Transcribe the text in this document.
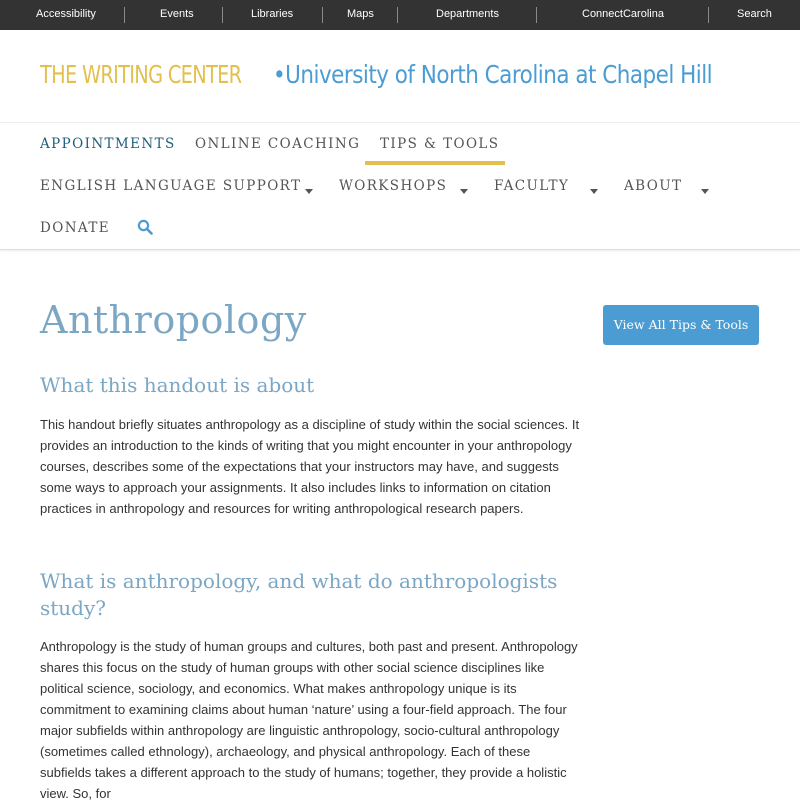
Accessibility	Events	Libraries	Maps	Departments	ConnectCarolina	Search
THE WRITING CENTER •University of North Carolina at Chapel Hill
APPOINTMENTS ONLINE COACHING TIPS & TOOLS
ENGLISH LANGUAGE SUPPORT	WORKSHOPS	FACULTY	ABOUT
DONATE
Anthropology	View All Tips & Tools
What this handout is about

This handout briefly situates anthropology as a discipline of study within the social sciences. It provides an introduction to the kinds of writing that you might encounter in your anthropology courses, describes some of the expectations that your instructors may have, and suggests some ways to approach your assignments. It also includes links to information on citation practices in anthropology and resources for writing anthropological research papers.

What is anthropology, and what do anthropologists study?

Anthropology is the study of human groups and cultures, both past and present. Anthropology shares this focus on the study of human groups with other social science disciplines like political science, sociology, and economics. What makes anthropology unique is its commitment to examining claims about human ‘nature’ using a four-field approach. The four major subfields within anthropology are linguistic anthropology, socio-cultural anthropology (sometimes called ethnology), archaeology, and physical anthropology. Each of these subfields takes a different approach to the study of humans; together, they provide a holistic view. So, for
